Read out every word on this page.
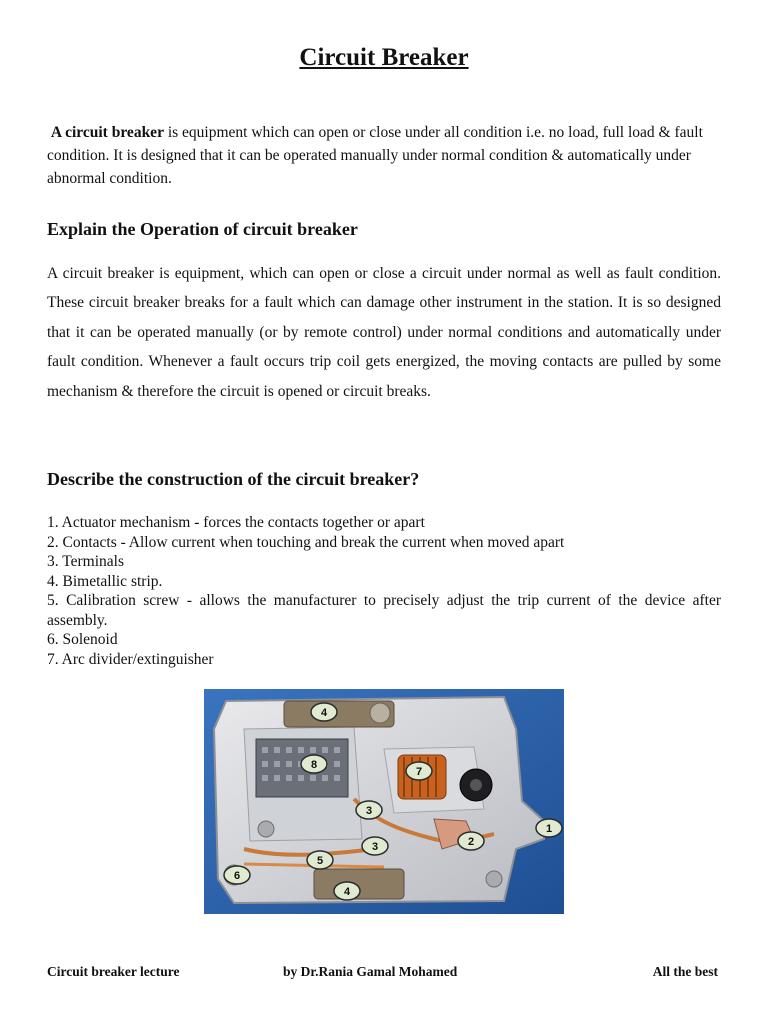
Circuit Breaker

A circuit breaker is equipment which can open or close under all condition i.e. no load, full load & fault condition. It is designed that it can be operated manually under normal condition & automatically under abnormal condition.

Explain the Operation of circuit breaker

A circuit breaker is equipment, which can open or close a circuit under normal as well as fault condition. These circuit breaker breaks for a fault which can damage other instrument in the station. It is so designed that it can be operated manually (or by remote control) under normal conditions and automatically under fault condition. Whenever a fault occurs trip coil gets energized, the moving contacts are pulled by some mechanism & therefore the circuit is opened or circuit breaks.

Describe the construction of the circuit breaker?
1. Actuator mechanism - forces the contacts together or apart
2. Contacts - Allow current when touching and break the current when moved apart
3. Terminals
4. Bimetallic strip.
5. Calibration screw - allows the manufacturer to precisely adjust the trip current of the device after assembly.
6. Solenoid
7. Arc divider/extinguisher
4
8
7
3
2
1
3
5
6
4
Circuit breaker lecture	by Dr.Rania Gamal Mohamed	All the best
